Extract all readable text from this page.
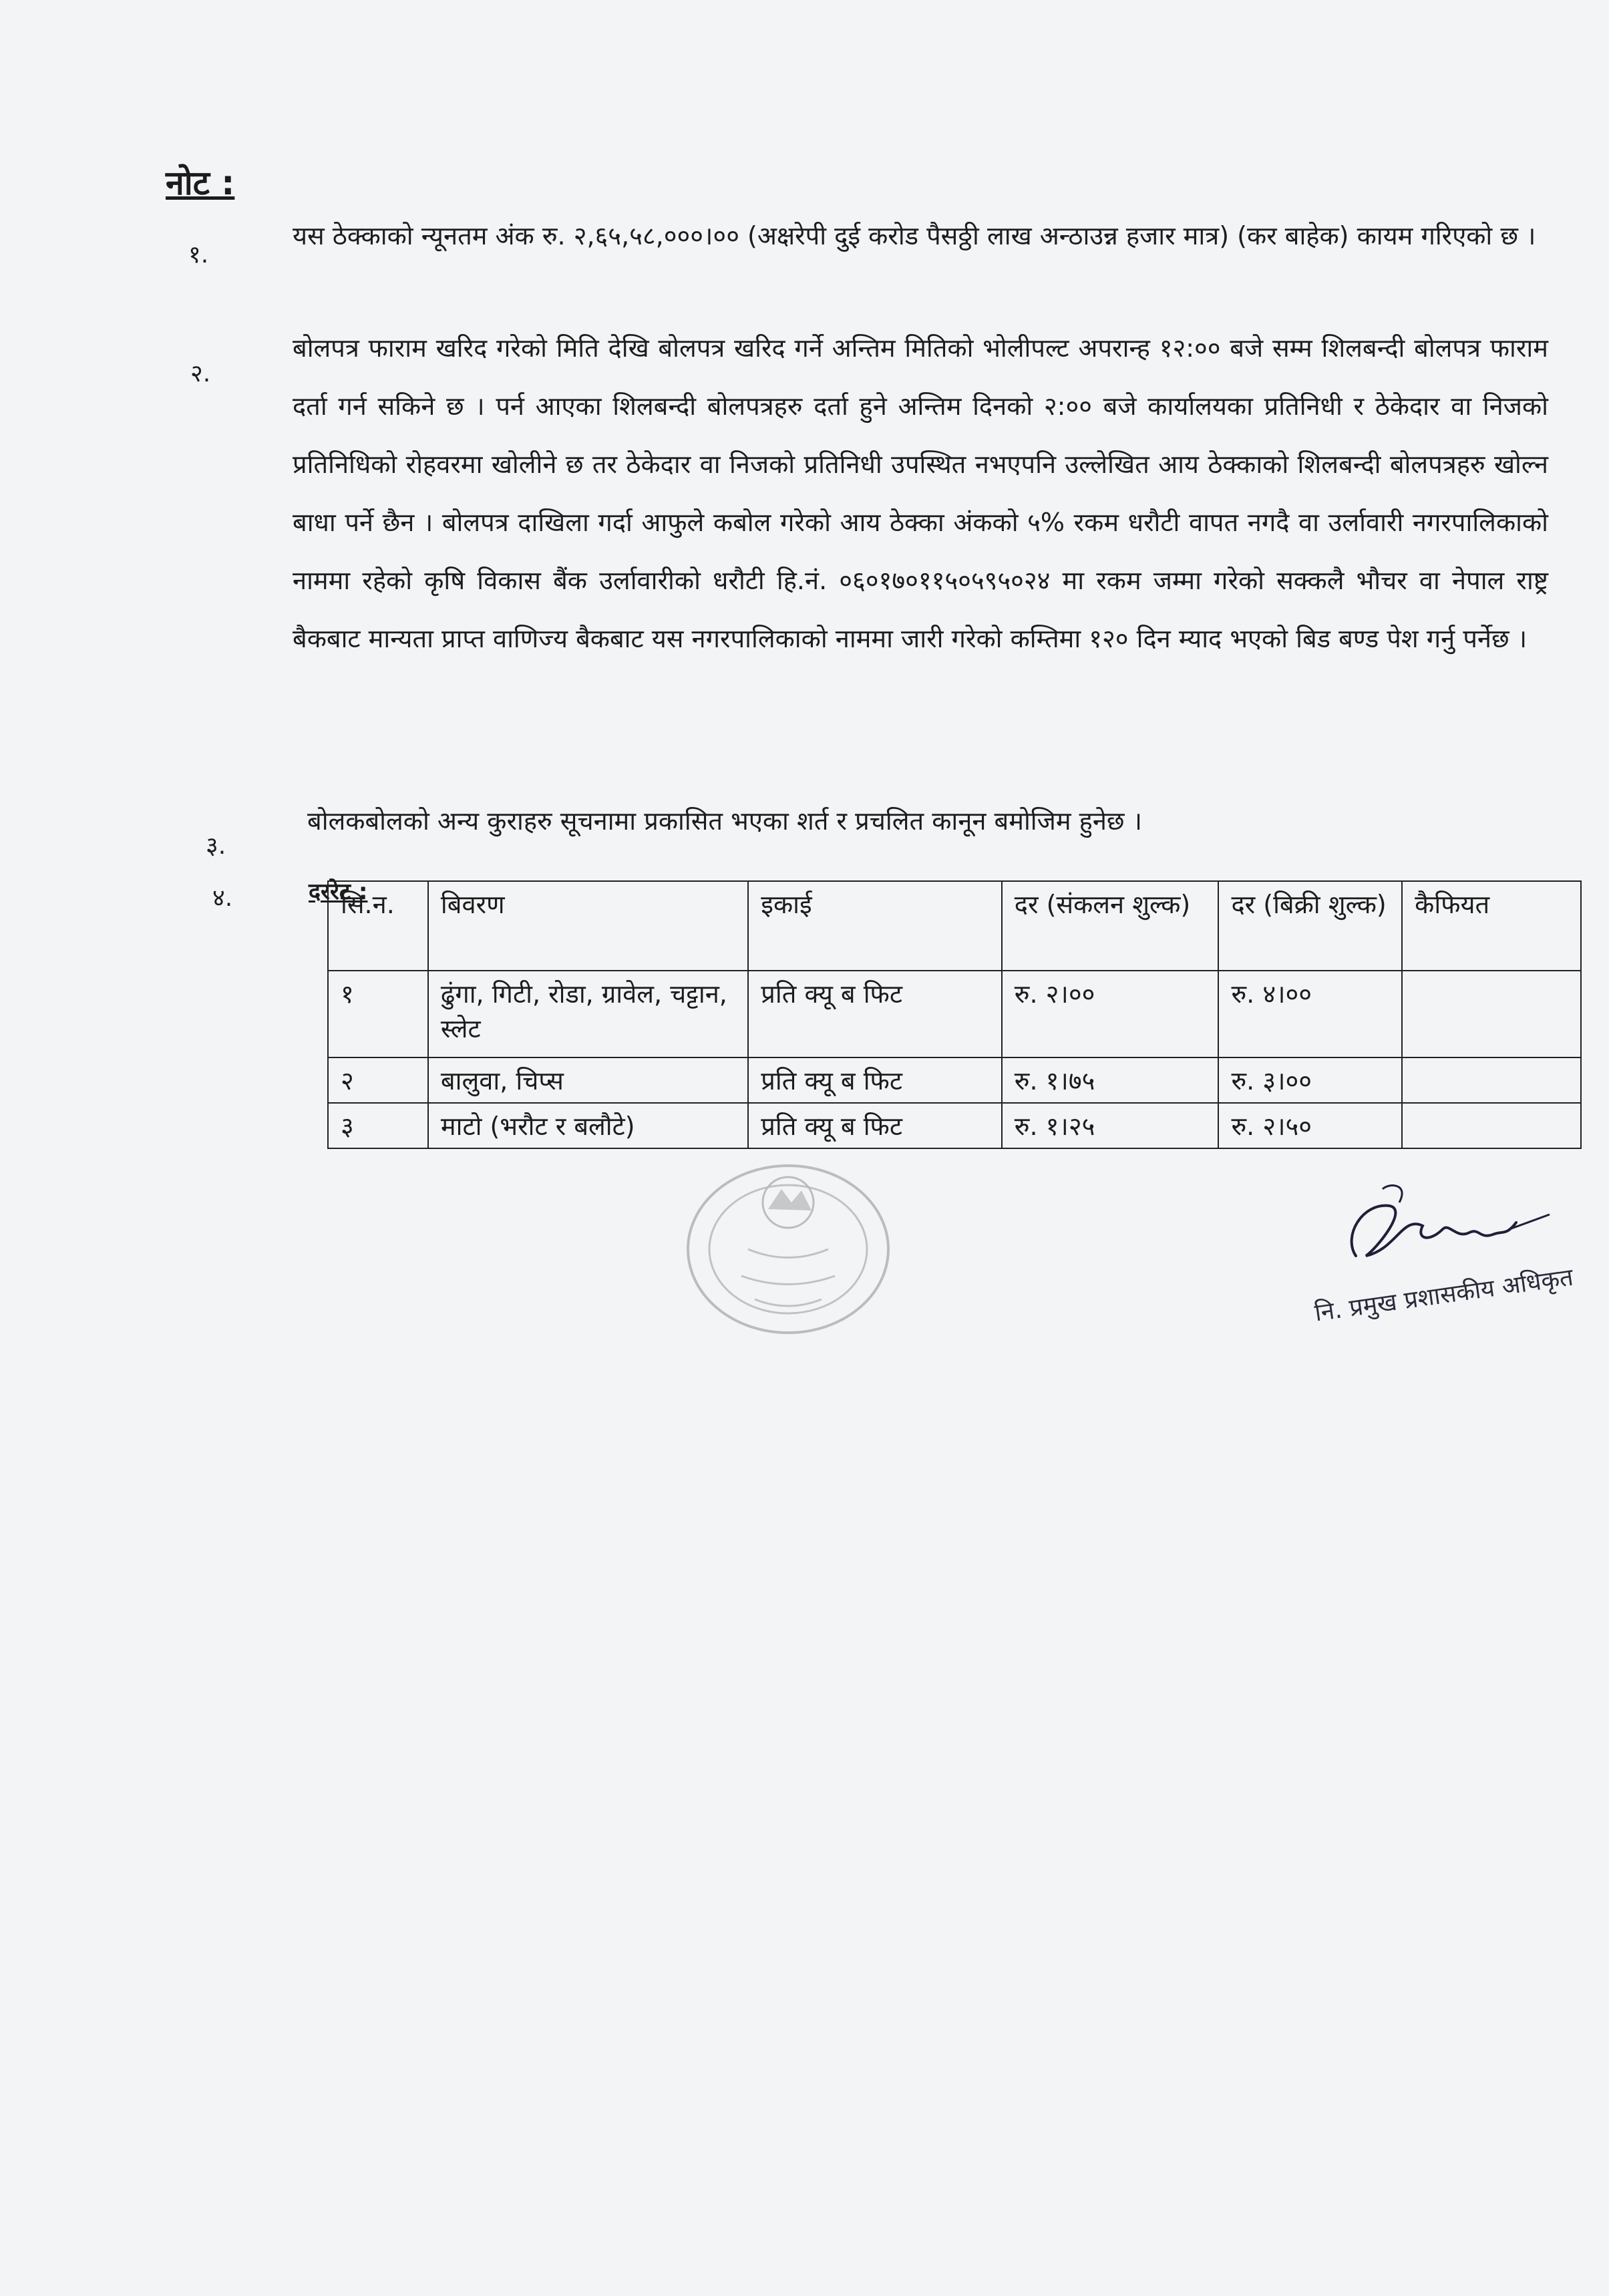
नोट :
१.
यस ठेक्काको न्यूनतम अंक रु. २,६५,५८,०००।०० (अक्षरेपी दुई करोड पैसठ्ठी लाख अन्ठाउन्न हजार मात्र) (कर बाहेक) कायम गरिएको छ ।
२.
बोलपत्र फाराम खरिद गरेको मिति देखि बोलपत्र खरिद गर्ने अन्तिम मितिको भोलीपल्ट अपरान्ह १२:०० बजे सम्म शिलबन्दी बोलपत्र फाराम दर्ता गर्न सकिने छ । पर्न आएका शिलबन्दी बोलपत्रहरु दर्ता हुने अन्तिम दिनको २:०० बजे कार्यालयका प्रतिनिधी र ठेकेदार वा निजको प्रतिनिधिको रोहवरमा खोलीने छ तर ठेकेदार वा निजको प्रतिनिधी उपस्थित नभएपनि उल्लेखित आय ठेक्काको शिलबन्दी बोलपत्रहरु खोल्न बाधा पर्ने छैन । बोलपत्र दाखिला गर्दा आफुले कबोल गरेको आय ठेक्का अंकको ५% रकम धरौटी वापत नगदै वा उर्लावारी नगरपालिकाको नाममा रहेको कृषि विकास बैंक उर्लावारीको धरौटी हि.नं. ०६०१७०११५०५९५०२४ मा रकम जम्मा गरेको सक्कलै भौचर वा नेपाल राष्ट्र बैकबाट मान्यता प्राप्त वाणिज्य बैकबाट यस नगरपालिकाको नाममा जारी गरेको कम्तिमा १२० दिन म्याद भएको बिड बण्ड पेश गर्नु पर्नेछ ।
३.
बोलकबोलको अन्य कुराहरु सूचनामा प्रकासित भएका शर्त र प्रचलित कानून बमोजिम हुनेछ ।
४.	दररेट :
सि.न.	बिवरण	इकाई	दर (संकलन शुल्क)	दर (बिक्री शुल्क)	कैफियत
१	ढुंगा, गिटी, रोडा, ग्रावेल, चट्टान, स्लेट	प्रति क्यू ब फिट	रु. २।००	रु. ४।००	
२	बालुवा, चिप्स	प्रति क्यू ब फिट	रु. १।७५	रु. ३।००	
३	माटो (भरौट र बलौटे)	प्रति क्यू ब फिट	रु. १।२५	रु. २।५०	
नि. प्रमुख प्रशासकीय अधिकृत
